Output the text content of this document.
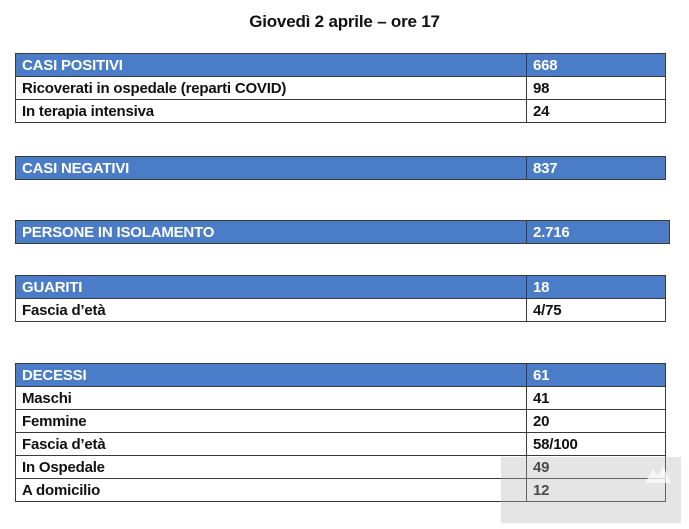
Giovedì 2 aprile – ore 17
CASI POSITIVI	668
Ricoverati in ospedale (reparti COVID)	98
In terapia intensiva	24
CASI NEGATIVI	837
PERSONE IN ISOLAMENTO	2.716
GUARITI	18
Fascia d’età	4/75
DECESSI	61
Maschi	41
Femmine	20
Fascia d’età	58/100
In Ospedale	49
A domicilio	12
